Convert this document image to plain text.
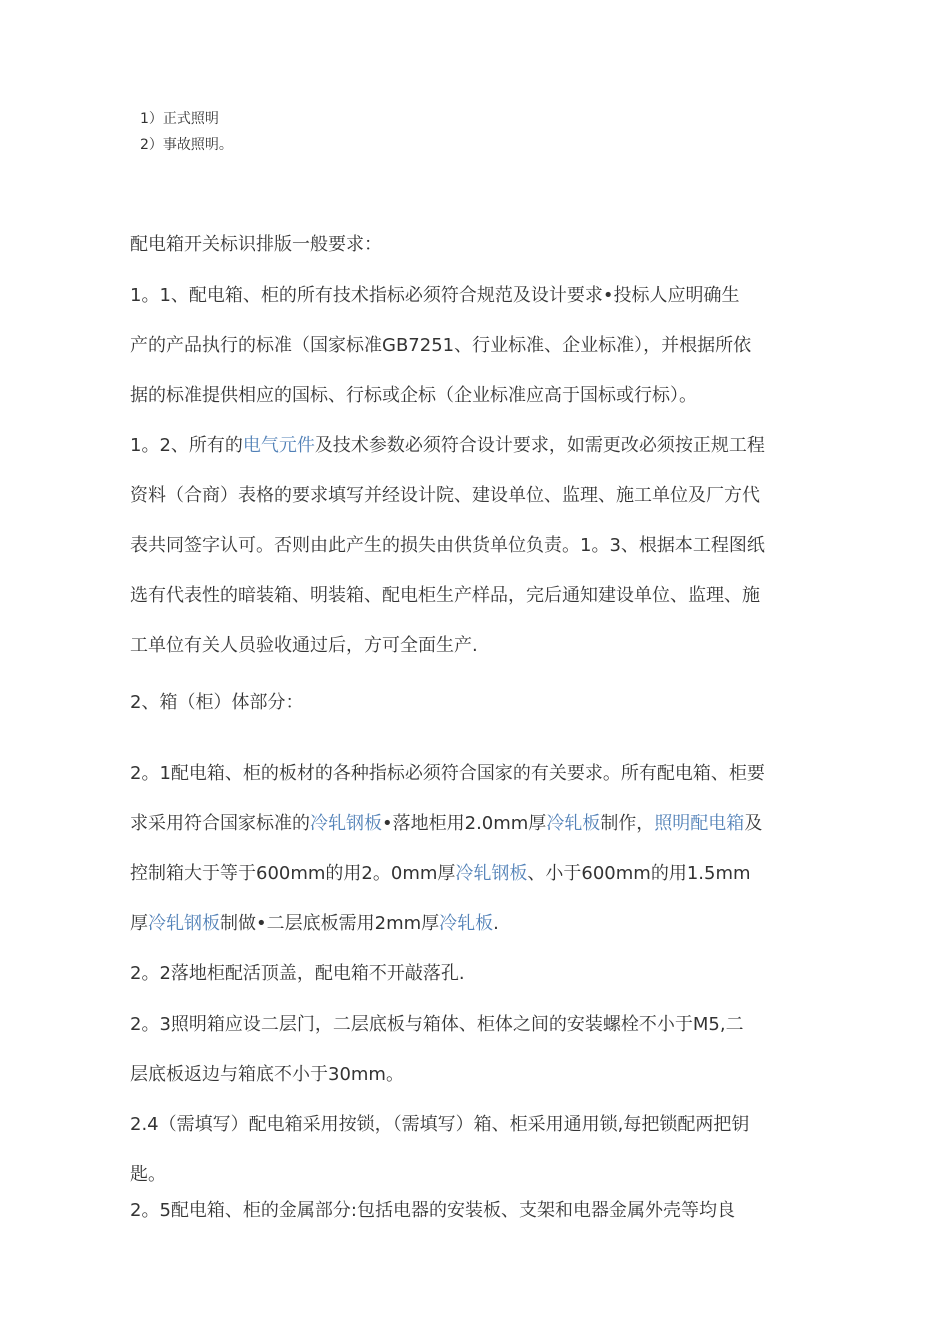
1）正式照明
2）事故照明。
配电箱开关标识排版一般要求：
1。1、配电箱、柜的所有技术指标必须符合规范及设计要求•投标人应明确生
产的产品执行的标准（国家标准GB7251、行业标准、企业标准），并根据所依
据的标准提供相应的国标、行标或企标（企业标准应高于国标或行标）。
1。2、所有的电气元件及技术参数必须符合设计要求，如需更改必须按正规工程
资料（合商）表格的要求填写并经设计院、建设单位、监理、施工单位及厂方代
表共同签字认可。否则由此产生的损失由供货单位负责。1。3、根据本工程图纸
选有代表性的暗装箱、明装箱、配电柜生产样品，完后通知建设单位、监理、施
工单位有关人员验收通过后，方可全面生产.
2、箱（柜）体部分：
2。1配电箱、柜的板材的各种指标必须符合国家的有关要求。所有配电箱、柜要
求采用符合国家标准的冷轧钢板•落地柜用2.0mm厚冷轧板制作，照明配电箱及
控制箱大于等于600mm的用2。0mm厚冷轧钢板、小于600mm的用1.5mm
厚冷轧钢板制做•二层底板需用2mm厚冷轧板.
2。2落地柜配活顶盖，配电箱不开敲落孔.
2。3照明箱应设二层门，二层底板与箱体、柜体之间的安装螺栓不小于M5,二
层底板返边与箱底不小于30mm。
2.4（需填写）配电箱采用按锁，（需填写）箱、柜采用通用锁,每把锁配两把钥
匙。
2。5配电箱、柜的金属部分:包括电器的安装板、支架和电器金属外壳等均良
